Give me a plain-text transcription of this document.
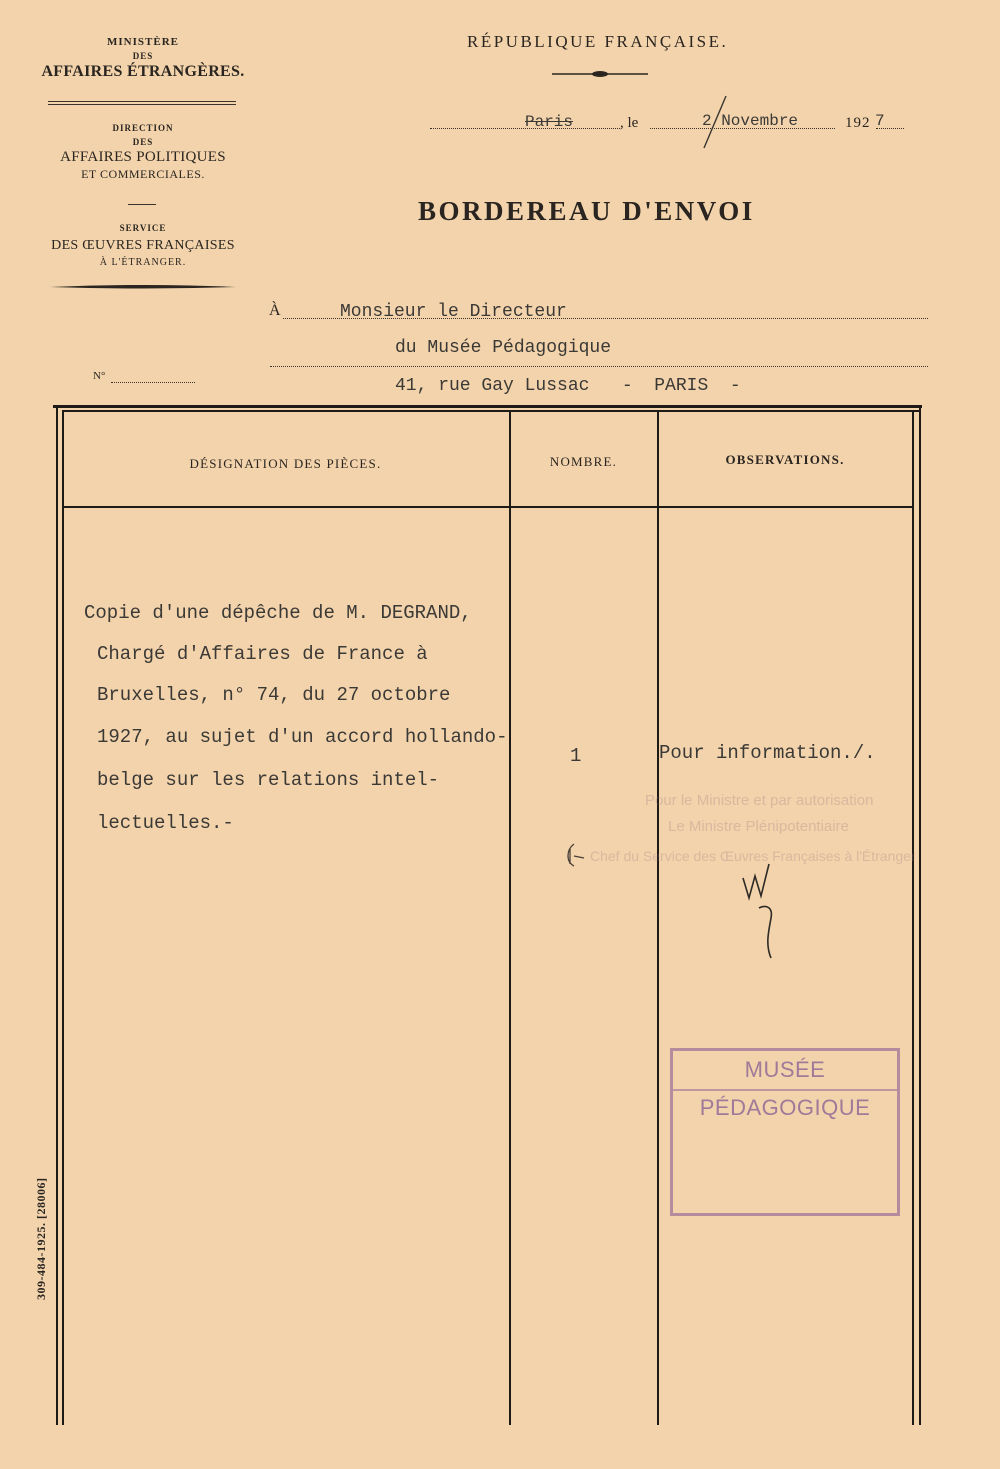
MINISTÈRE
DES
AFFAIRES ÉTRANGÈRES.
DIRECTION
DES
AFFAIRES POLITIQUES
ET COMMERCIALES.
SERVICE
DES ŒUVRES FRANÇAISES
À L'ÉTRANGER.
RÉPUBLIQUE FRANÇAISE.
Paris	, le	2 Novembre	192 7
BORDEREAU D'ENVOI
À	Monsieur le Directeur
du Musée Pédagogique
41, rue Gay Lussac   -  PARIS  -
N°
DÉSIGNATION DES PIÈCES.	NOMBRE.	OBSERVATIONS.
Copie d'une dépêche de M. DEGRAND,
Chargé d'Affaires de France à
Bruxelles, n° 74, du 27 octobre
1927, au sujet d'un accord hollando-
belge sur les relations intel-
lectuelles.-
1	Pour information./.
Pour le Ministre et par autorisation
Le Ministre Plénipotentiaire
Chef du Service des Œuvres Françaises à l'Étranger
MUSÉE PÉDAGOGIQUE
309-484-1925. [28006]
